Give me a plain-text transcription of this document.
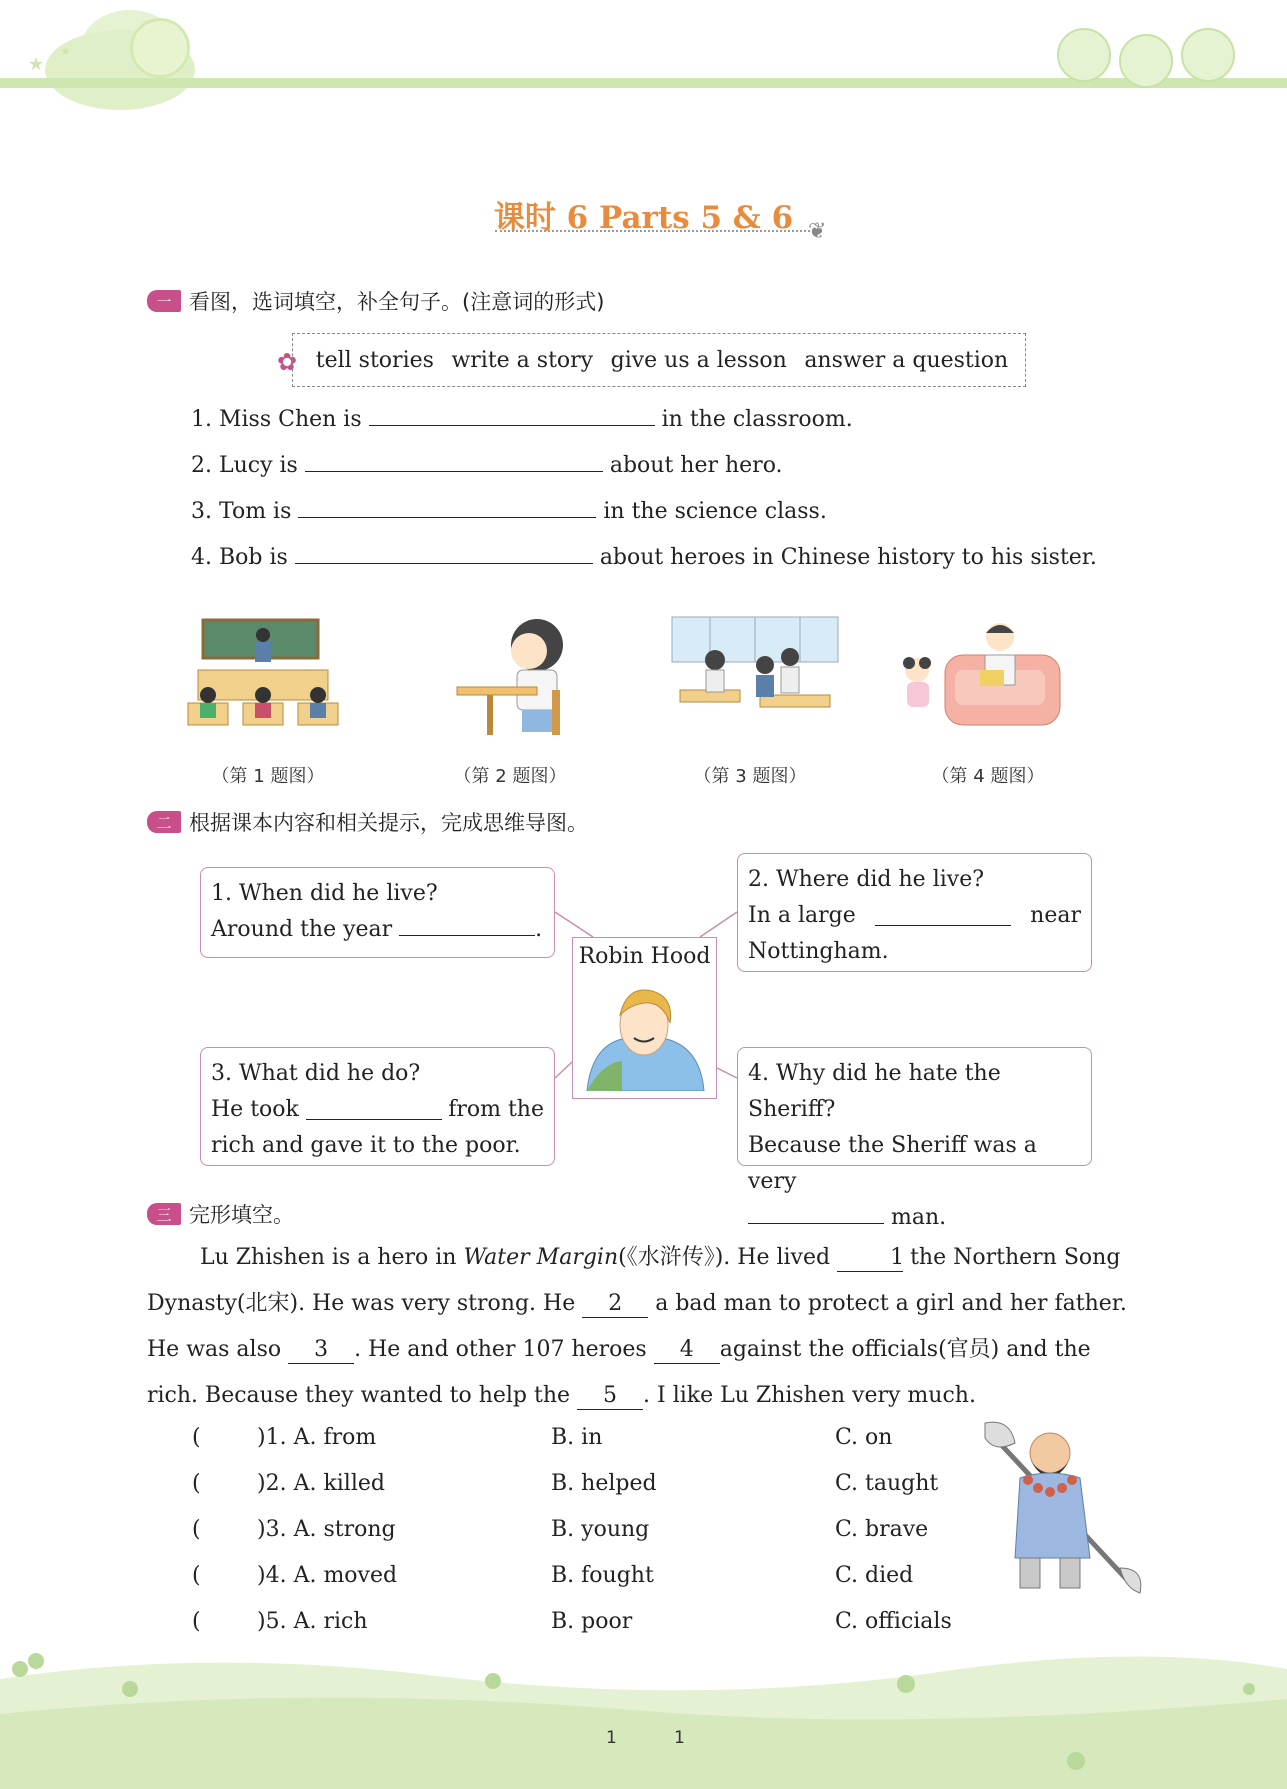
★
★
课时 6 Parts 5 & 6 ❦
一 看图，选词填空，补全句子。(注意词的形式)
✿ tell stories write a story give us a lesson answer a question
1. Miss Chen is	in the classroom.
2. Lucy is	about her hero.
3. Tom is	in the science class.
4. Bob is	about heroes in Chinese history to his sister.
（第 1 题图）	（第 2 题图）	（第 3 题图）	（第 4 题图）
二 根据课本内容和相关提示，完成思维导图。
1. When did he live?
Around the year	.
2. Where did he live?
In a large	near
Nottingham.
Robin Hood
3. What did he do?
He took	from the
rich and gave it to the poor.
4. Why did he hate the Sheriff?
Because the Sheriff was a very
man.
三 完形填空。
Lu Zhishen is a hero in Water Margin(《水浒传》). He lived	1 the Northern Song
Dynasty(北宋). He was very strong. He 2 a bad man to protect a girl and her father.
He was also 3 . He and other 107 heroes 4 against the officials(官员) and the
rich. Because they wanted to help the 5 . I like Lu Zhishen very much.
(	)1. A. from	B. in	C. on
(	)2. A. killed	B. helped	C. taught
(	)3. A. strong	B. young	C. brave
(	)4. A. moved	B. fought	C. died
(	)5. A. rich	B. poor	C. officials
1	1
